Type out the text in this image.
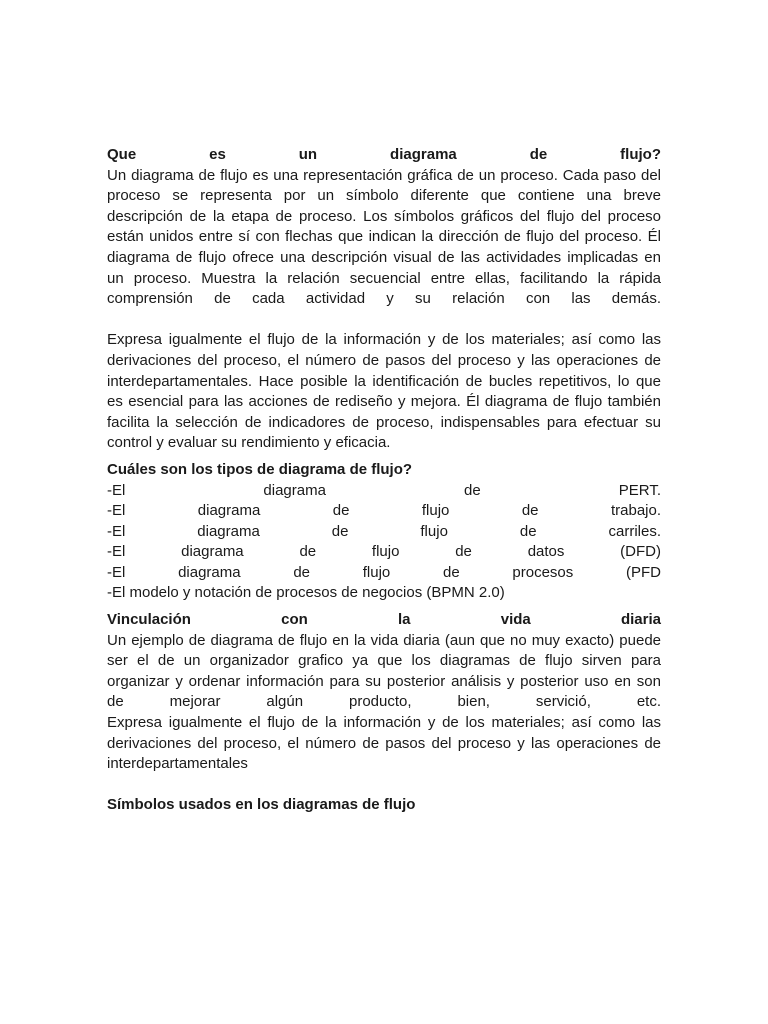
Que es un diagrama de flujo?
Un diagrama de flujo es una representación gráfica de un proceso. Cada paso del
proceso se representa por un símbolo diferente que contiene una breve
descripción de la etapa de proceso. Los símbolos gráficos del flujo del proceso
están unidos entre sí con flechas que indican la dirección de flujo del proceso. Él
diagrama de flujo ofrece una descripción visual de las actividades implicadas en
un proceso. Muestra la relación secuencial entre ellas, facilitando la rápida
comprensión de cada actividad y su relación con las demás.
Expresa igualmente el flujo de la información y de los materiales; así como las
derivaciones del proceso, el número de pasos del proceso y las operaciones de
interdepartamentales. Hace posible la identificación de bucles repetitivos, lo que
es esencial para las acciones de rediseño y mejora. Él diagrama de flujo también
facilita la selección de indicadores de proceso, indispensables para efectuar su
control y evaluar su rendimiento y eficacia.
Cuáles son los tipos de diagrama de flujo?
-El diagrama de PERT.
-El diagrama de flujo de trabajo.
-El diagrama de flujo de carriles.
-El diagrama de flujo de datos (DFD)
-El diagrama de flujo de procesos (PFD
-El modelo y notación de procesos de negocios (BPMN 2.0)
Vinculación con la vida diaria
Un ejemplo de diagrama de flujo en la vida diaria (aun que no muy exacto) puede
ser el de un organizador grafico ya que los diagramas de flujo sirven para
organizar y ordenar información para su posterior análisis y posterior uso en son
de mejorar algún producto, bien, servició, etc.
Expresa igualmente el flujo de la información y de los materiales; así como las
derivaciones del proceso, el número de pasos del proceso y las operaciones de
interdepartamentales
Símbolos usados en los diagramas de flujo
